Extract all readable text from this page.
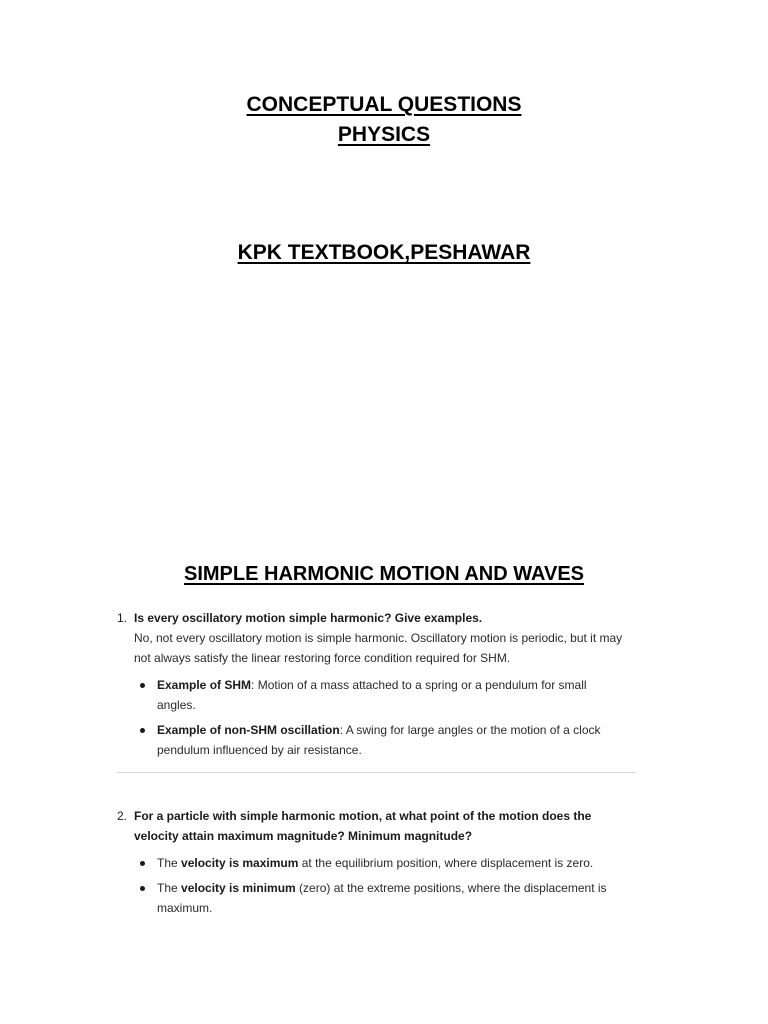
CONCEPTUAL QUESTIONS
PHYSICS
KPK TEXTBOOK,PESHAWAR
SIMPLE HARMONIC MOTION AND WAVES
1. Is every oscillatory motion simple harmonic? Give examples.
No, not every oscillatory motion is simple harmonic. Oscillatory motion is periodic, but it may not always satisfy the linear restoring force condition required for SHM.
Example of SHM: Motion of a mass attached to a spring or a pendulum for small angles.
Example of non-SHM oscillation: A swing for large angles or the motion of a clock pendulum influenced by air resistance.
2. For a particle with simple harmonic motion, at what point of the motion does the velocity attain maximum magnitude? Minimum magnitude?
The velocity is maximum at the equilibrium position, where displacement is zero.
The velocity is minimum (zero) at the extreme positions, where the displacement is maximum.
